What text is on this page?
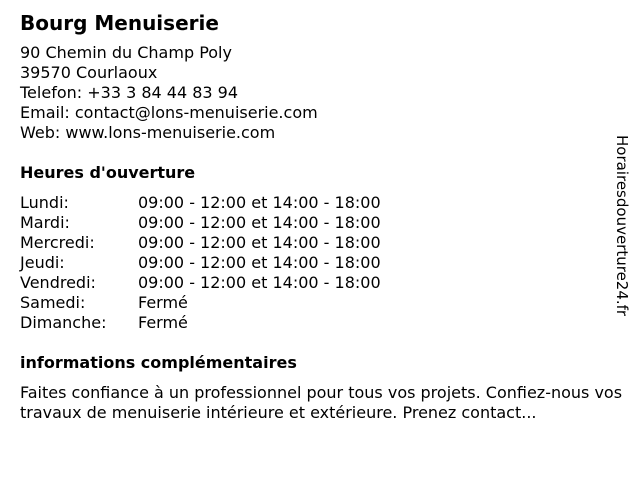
Bourg Menuiserie
90 Chemin du Champ Poly
39570 Courlaoux
Telefon: +33 3 84 44 83 94
Email: contact@lons-menuiserie.com
Web: www.lons-menuiserie.com
Heures d'ouverture
Lundi:	09:00 - 12:00 et 14:00 - 18:00
Mardi:	09:00 - 12:00 et 14:00 - 18:00
Mercredi:	09:00 - 12:00 et 14:00 - 18:00
Jeudi:	09:00 - 12:00 et 14:00 - 18:00
Vendredi:	09:00 - 12:00 et 14:00 - 18:00
Samedi:	Fermé
Dimanche:	Fermé
informations complémentaires
Faites confiance à un professionnel pour tous vos projets. Confiez-nous vos travaux de menuiserie intérieure et extérieure. Prenez contact...
Horairesdouverture24.fr
